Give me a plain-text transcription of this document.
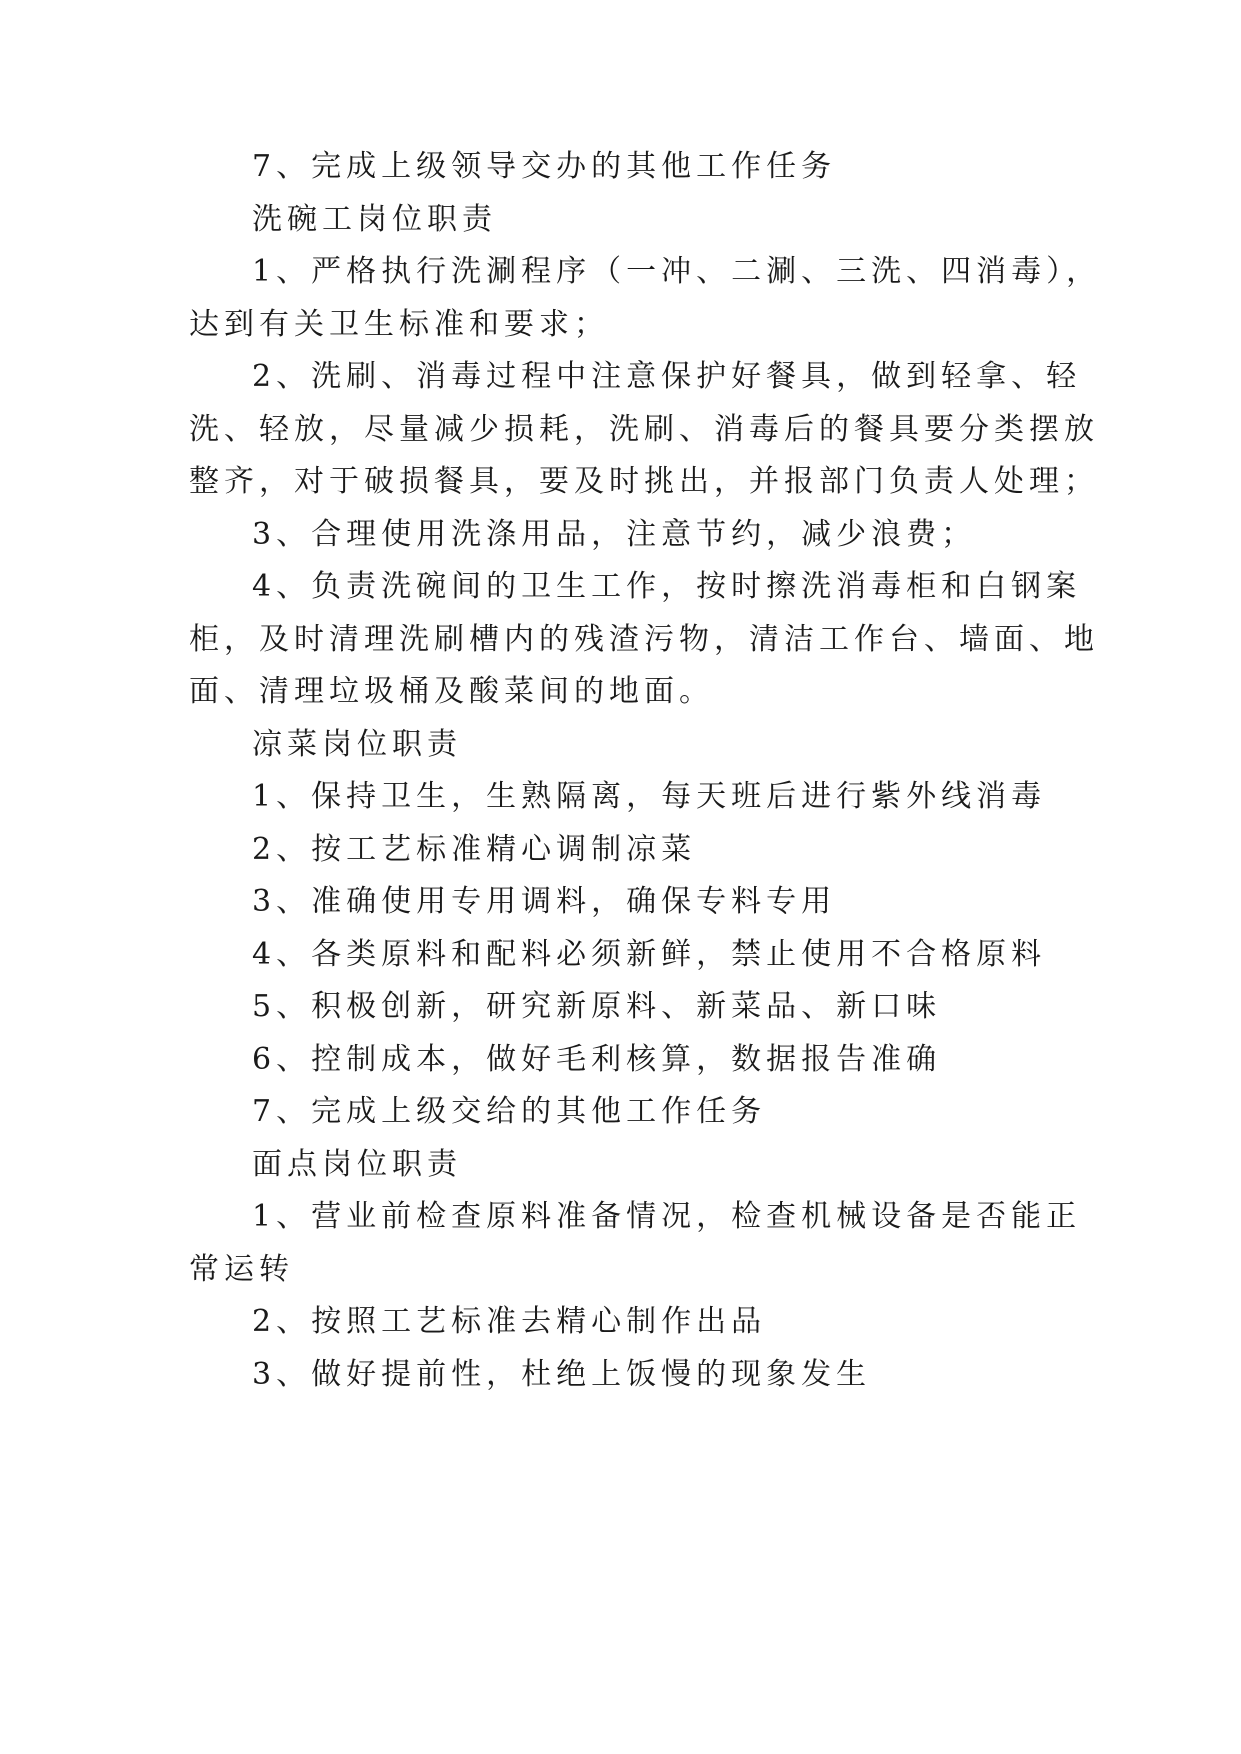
7、完成上级领导交办的其他工作任务
洗碗工岗位职责
1、严格执行洗涮程序（一冲、二涮、三洗、四消毒），
达到有关卫生标准和要求；
2、洗刷、消毒过程中注意保护好餐具，做到轻拿、轻
洗、轻放，尽量减少损耗，洗刷、消毒后的餐具要分类摆放
整齐，对于破损餐具，要及时挑出，并报部门负责人处理；
3、合理使用洗涤用品，注意节约，减少浪费；
4、负责洗碗间的卫生工作，按时擦洗消毒柜和白钢案
柜，及时清理洗刷槽内的残渣污物，清洁工作台、墙面、地
面、清理垃圾桶及酸菜间的地面。
凉菜岗位职责
1、保持卫生，生熟隔离，每天班后进行紫外线消毒
2、按工艺标准精心调制凉菜
3、准确使用专用调料，确保专料专用
4、各类原料和配料必须新鲜，禁止使用不合格原料
5、积极创新，研究新原料、新菜品、新口味
6、控制成本，做好毛利核算，数据报告准确
7、完成上级交给的其他工作任务
面点岗位职责
1、营业前检查原料准备情况，检查机械设备是否能正
常运转
2、按照工艺标准去精心制作出品
3、做好提前性，杜绝上饭慢的现象发生
